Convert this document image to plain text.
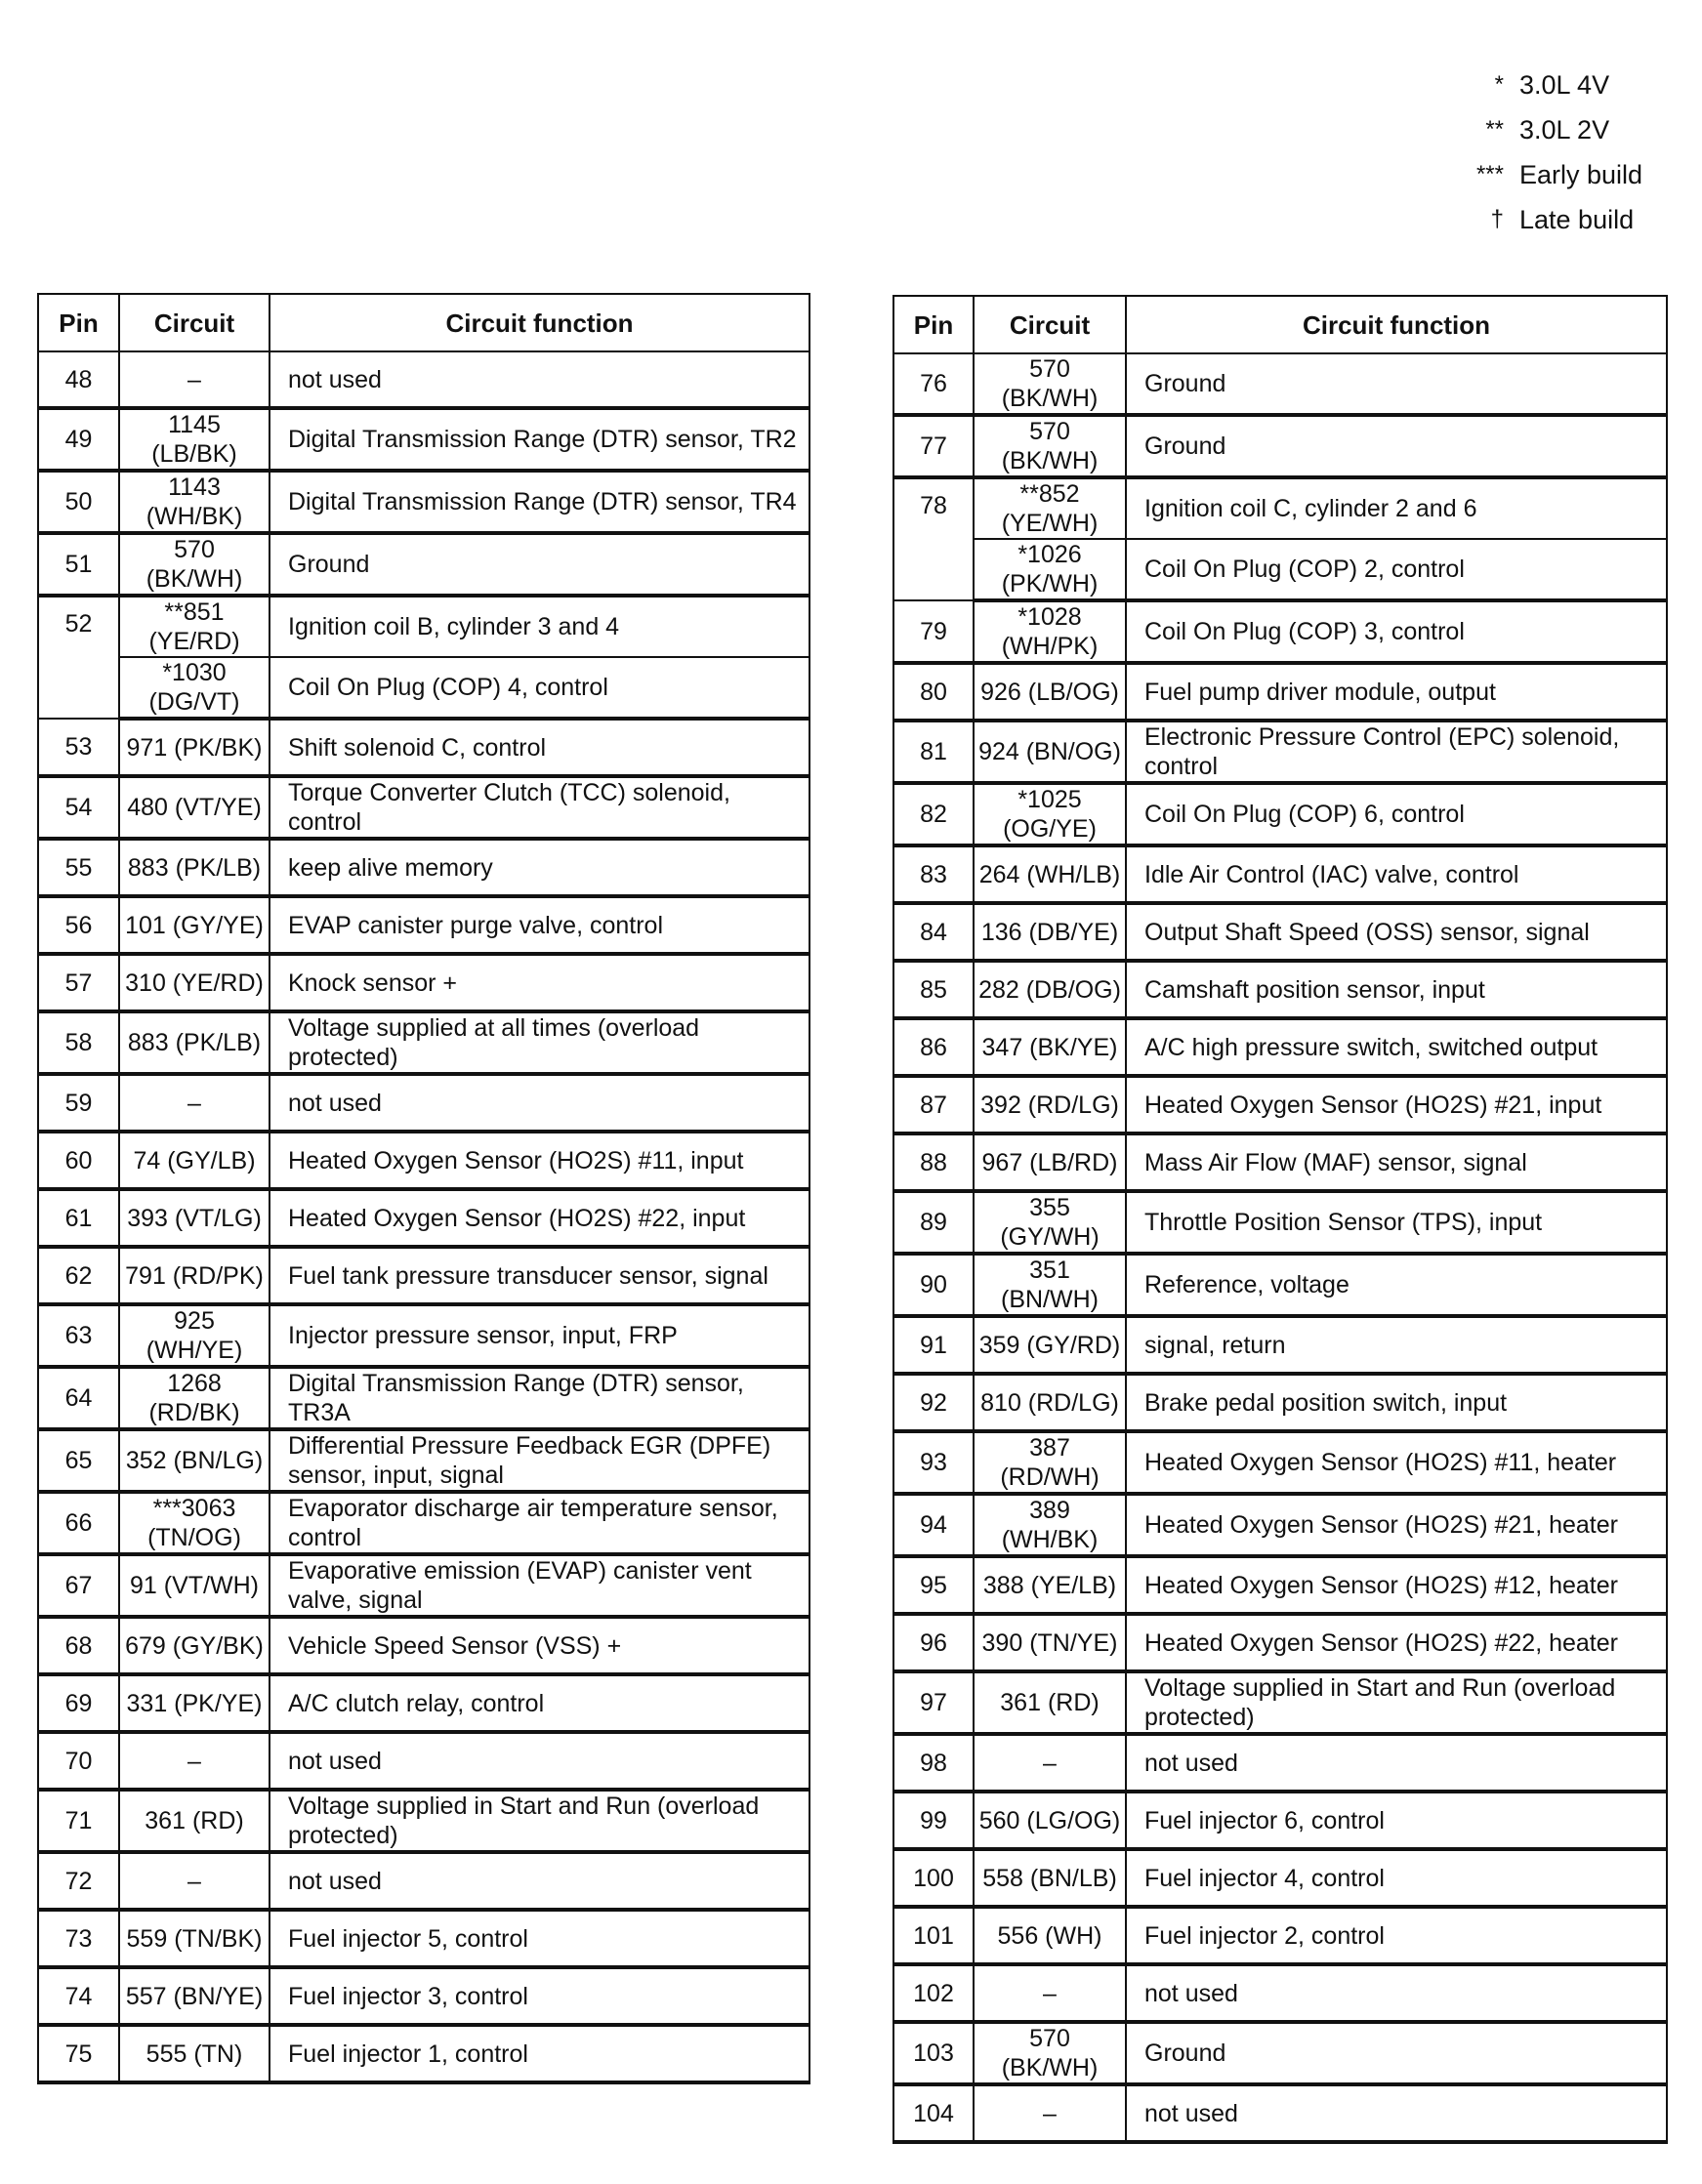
* 3.0L 4V
** 3.0L 2V
*** Early build
† Late build
Pin	Circuit	Circuit function
48	–	not used
49	1145 (LB/BK)	Digital Transmission Range (DTR) sensor, TR2
50	1143 (WH/BK)	Digital Transmission Range (DTR) sensor, TR4
51	570 (BK/WH)	Ground
52	**851 (YE/RD)	Ignition coil B, cylinder 3 and 4
	*1030 (DG/VT)	Coil On Plug (COP) 4, control
53	971 (PK/BK)	Shift solenoid C, control
54	480 (VT/YE)	Torque Converter Clutch (TCC) solenoid, control
55	883 (PK/LB)	keep alive memory
56	101 (GY/YE)	EVAP canister purge valve, control
57	310 (YE/RD)	Knock sensor +
58	883 (PK/LB)	Voltage supplied at all times (overload protected)
59	–	not used
60	74 (GY/LB)	Heated Oxygen Sensor (HO2S) #11, input
61	393 (VT/LG)	Heated Oxygen Sensor (HO2S) #22, input
62	791 (RD/PK)	Fuel tank pressure transducer sensor, signal
63	925 (WH/YE)	Injector pressure sensor, input, FRP
64	1268 (RD/BK)	Digital Transmission Range (DTR) sensor, TR3A
65	352 (BN/LG)	Differential Pressure Feedback EGR (DPFE) sensor, input, signal
66	***3063 (TN/OG)	Evaporator discharge air temperature sensor, control
67	91 (VT/WH)	Evaporative emission (EVAP) canister vent valve, signal
68	679 (GY/BK)	Vehicle Speed Sensor (VSS) +
69	331 (PK/YE)	A/C clutch relay, control
70	–	not used
71	361 (RD)	Voltage supplied in Start and Run (overload protected)
72	–	not used
73	559 (TN/BK)	Fuel injector 5, control
74	557 (BN/YE)	Fuel injector 3, control
75	555 (TN)	Fuel injector 1, control
Pin	Circuit	Circuit function
76	570 (BK/WH)	Ground
77	570 (BK/WH)	Ground
78	**852 (YE/WH)	Ignition coil C, cylinder 2 and 6
	*1026 (PK/WH)	Coil On Plug (COP) 2, control
79	*1028 (WH/PK)	Coil On Plug (COP) 3, control
80	926 (LB/OG)	Fuel pump driver module, output
81	924 (BN/OG)	Electronic Pressure Control (EPC) solenoid, control
82	*1025 (OG/YE)	Coil On Plug (COP) 6, control
83	264 (WH/LB)	Idle Air Control (IAC) valve, control
84	136 (DB/YE)	Output Shaft Speed (OSS) sensor, signal
85	282 (DB/OG)	Camshaft position sensor, input
86	347 (BK/YE)	A/C high pressure switch, switched output
87	392 (RD/LG)	Heated Oxygen Sensor (HO2S) #21, input
88	967 (LB/RD)	Mass Air Flow (MAF) sensor, signal
89	355 (GY/WH)	Throttle Position Sensor (TPS), input
90	351 (BN/WH)	Reference, voltage
91	359 (GY/RD)	signal, return
92	810 (RD/LG)	Brake pedal position switch, input
93	387 (RD/WH)	Heated Oxygen Sensor (HO2S) #11, heater
94	389 (WH/BK)	Heated Oxygen Sensor (HO2S) #21, heater
95	388 (YE/LB)	Heated Oxygen Sensor (HO2S) #12, heater
96	390 (TN/YE)	Heated Oxygen Sensor (HO2S) #22, heater
97	361 (RD)	Voltage supplied in Start and Run (overload protected)
98	–	not used
99	560 (LG/OG)	Fuel injector 6, control
100	558 (BN/LB)	Fuel injector 4, control
101	556 (WH)	Fuel injector 2, control
102	–	not used
103	570 (BK/WH)	Ground
104	–	not used
